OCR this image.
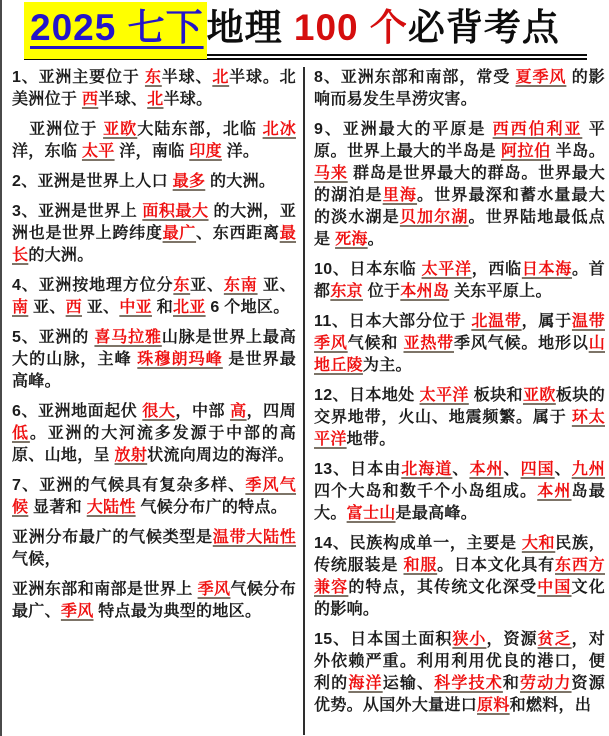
2025 七下地理 100 个必背考点

1、亚洲主要位于 东半球、北半球。北美洲位于 西半球、北半球。

　亚洲位于 亚欧大陆东部，北临 北冰 洋，东临 太平 洋，南临 印度 洋。

2、亚洲是世界上人口 最多 的大洲。

3、亚洲是世界上 面积最大 的大洲，亚洲也是世界上跨纬度最广、东西距离最长的大洲。

4、亚洲按地理方位分东亚、东南 亚、南 亚、西 亚、中亚 和北亚 6 个地区。

5、亚洲的 喜马拉雅山脉是世界上最高大的山脉，主峰 珠穆朗玛峰 是世界最高峰。

6、亚洲地面起伏 很大，中部 高，四周 低。亚洲的大河流多发源于中部的高原、山地，呈 放射状流向周边的海洋。

7、亚洲的气候具有复杂多样、季风气候 显著和 大陆性 气候分布广的特点。

亚洲分布最广的气候类型是温带大陆性 气候，

亚洲东部和南部是世界上 季风气候分布最广、季风 特点最为典型的地区。

8、亚洲东部和南部，常受 夏季风 的影响而易发生旱涝灾害。

9、亚洲最大的平原是 西西伯利亚 平原。世界上最大的半岛是 阿拉伯 半岛。马来 群岛是世界最大的群岛。世界最大的湖泊是里海。世界最深和蓄水量最大的淡水湖是贝加尔湖。世界陆地最低点是 死海。

10、日本东临 太平洋，西临日本海。首都东京 位于本州岛 关东平原上。

11、日本大部分位于 北温带，属于温带季风气候和 亚热带季风气候。地形以山地丘陵为主。

12、日本地处 太平洋 板块和亚欧板块的交界地带，火山、地震频繁。属于 环太平洋地带。

13、日本由北海道、本州、四国、九州四个大岛和数千个小岛组成。本州岛最大。富士山是最高峰。

14、民族构成单一，主要是 大和民族，传统服装是 和服。日本文化具有东西方兼容的特点，其传统文化深受中国文化的影响。

15、日本国土面积狭小，资源贫乏，对外依赖严重。利用利用优良的港口，便利的海洋运输、科学技术和劳动力资源优势。从国外大量进口原料和燃料，出
